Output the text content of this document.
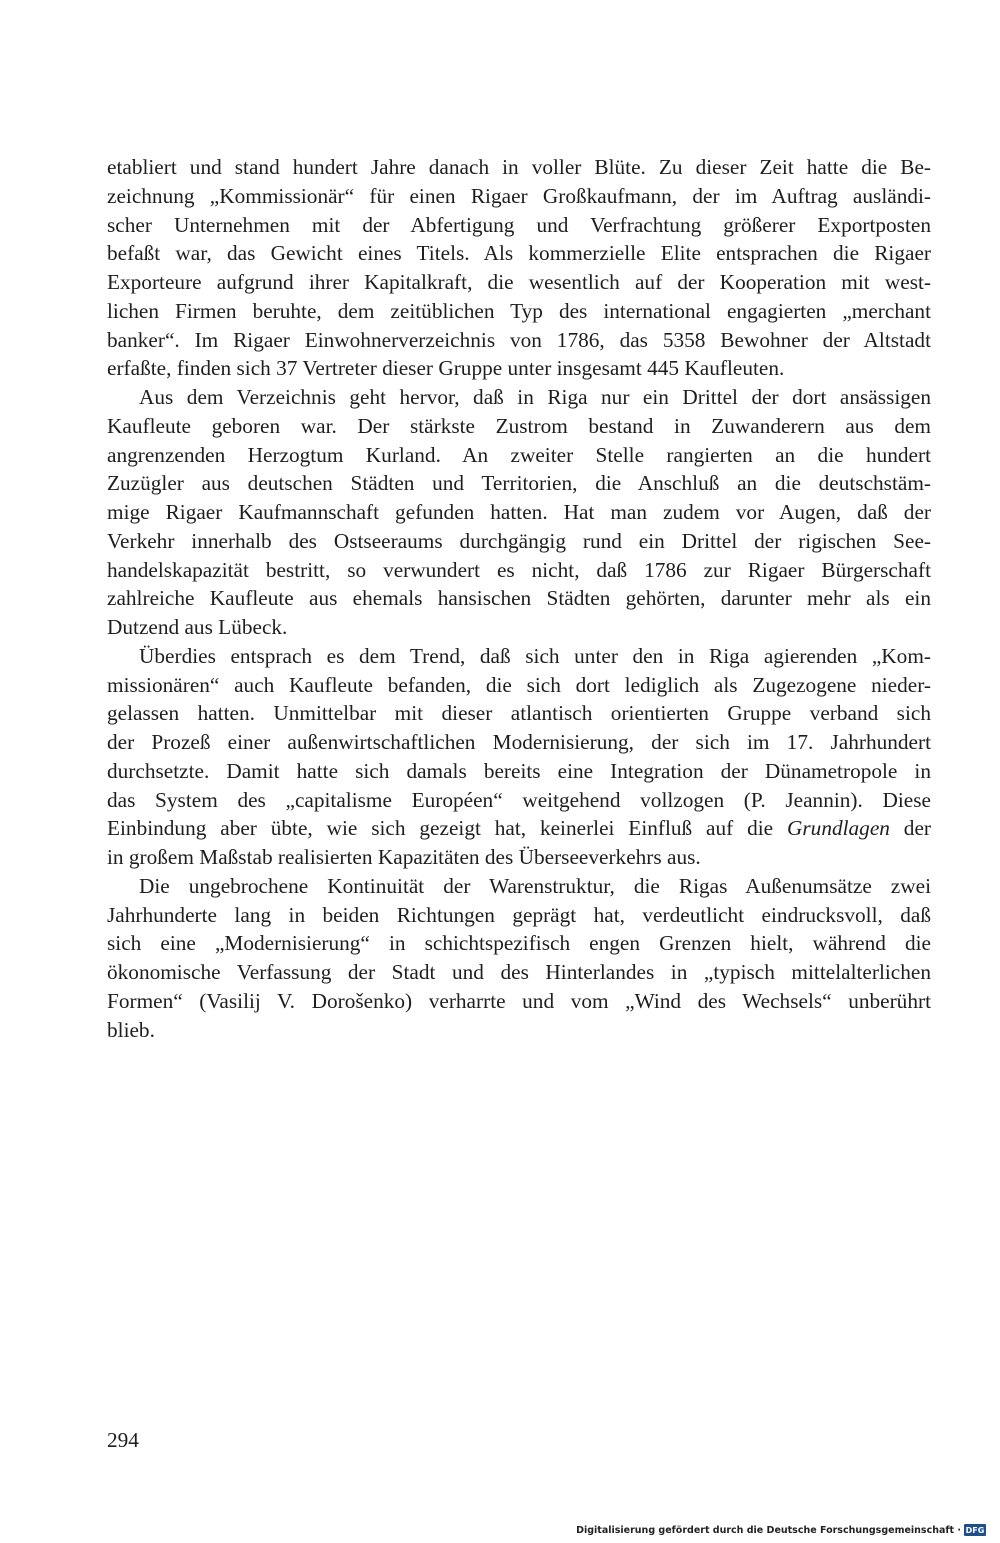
etabliert und stand hundert Jahre danach in voller Blüte. Zu dieser Zeit hatte die Be-
zeichnung „Kommissionär“ für einen Rigaer Großkaufmann, der im Auftrag ausländi-
scher Unternehmen mit der Abfertigung und Verfrachtung größerer Exportposten
befaßt war, das Gewicht eines Titels. Als kommerzielle Elite entsprachen die Rigaer
Exporteure aufgrund ihrer Kapitalkraft, die wesentlich auf der Kooperation mit west-
lichen Firmen beruhte, dem zeitüblichen Typ des international engagierten „merchant
banker“. Im Rigaer Einwohnerverzeichnis von 1786, das 5358 Bewohner der Altstadt
erfaßte, finden sich 37 Vertreter dieser Gruppe unter insgesamt 445 Kaufleuten.
Aus dem Verzeichnis geht hervor, daß in Riga nur ein Drittel der dort ansässigen
Kaufleute geboren war. Der stärkste Zustrom bestand in Zuwanderern aus dem
angrenzenden Herzogtum Kurland. An zweiter Stelle rangierten an die hundert
Zuzügler aus deutschen Städten und Territorien, die Anschluß an die deutschstäm-
mige Rigaer Kaufmannschaft gefunden hatten. Hat man zudem vor Augen, daß der
Verkehr innerhalb des Ostseeraums durchgängig rund ein Drittel der rigischen See-
handelskapazität bestritt, so verwundert es nicht, daß 1786 zur Rigaer Bürgerschaft
zahlreiche Kaufleute aus ehemals hansischen Städten gehörten, darunter mehr als ein
Dutzend aus Lübeck.
Überdies entsprach es dem Trend, daß sich unter den in Riga agierenden „Kom-
missionären“ auch Kaufleute befanden, die sich dort lediglich als Zugezogene nieder-
gelassen hatten. Unmittelbar mit dieser atlantisch orientierten Gruppe verband sich
der Prozeß einer außenwirtschaftlichen Modernisierung, der sich im 17. Jahrhundert
durchsetzte. Damit hatte sich damals bereits eine Integration der Dünametropole in
das System des „capitalisme Européen“ weitgehend vollzogen (P. Jeannin). Diese
Einbindung aber übte, wie sich gezeigt hat, keinerlei Einfluß auf die Grundlagen der
in großem Maßstab realisierten Kapazitäten des Überseeverkehrs aus.
Die ungebrochene Kontinuität der Warenstruktur, die Rigas Außenumsätze zwei
Jahrhunderte lang in beiden Richtungen geprägt hat, verdeutlicht eindrucksvoll, daß
sich eine „Modernisierung“ in schichtspezifisch engen Grenzen hielt, während die
ökonomische Verfassung der Stadt und des Hinterlandes in „typisch mittelalterlichen
Formen“ (Vasilij V. Dorošenko) verharrte und vom „Wind des Wechsels“ unberührt
blieb.
294
Digitalisierung gefördert durch die Deutsche Forschungsgemeinschaft · DFG
